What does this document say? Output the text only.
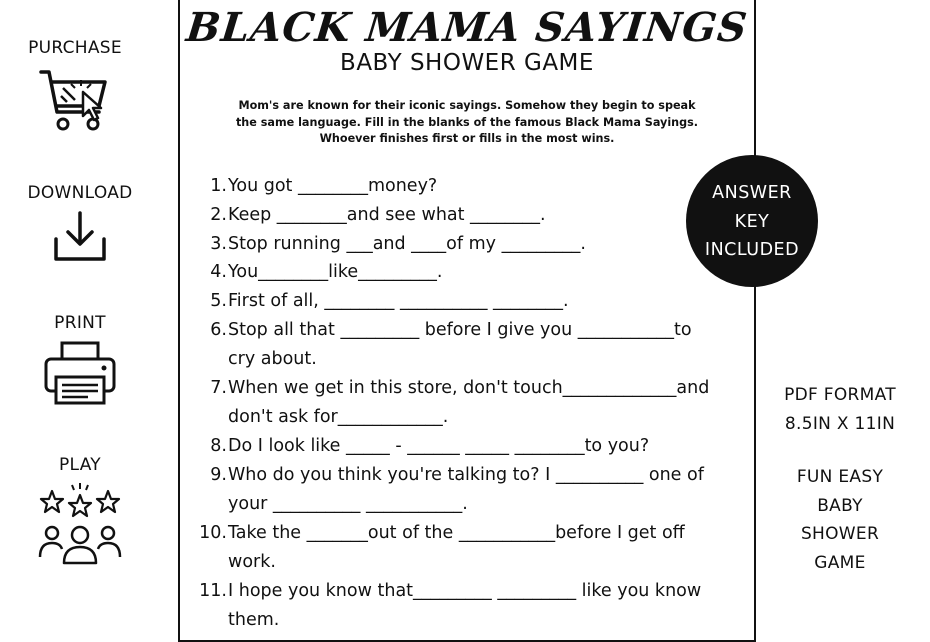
PURCHASE
DOWNLOAD
PRINT
PLAY
BLACK MAMA SAYINGS
BABY SHOWER GAME
Mom's are known for their iconic sayings. Somehow they begin to speak
the same language. Fill in the blanks of the famous Black Mama Sayings.
Whoever finishes first or fills in the most wins.
1. You got ________money?
2. Keep ________and see what ________.
3. Stop running ___and ____of my _________.
4. You________like_________.
5. First of all, ________ __________ ________.
6. Stop all that _________ before I give you ___________to
cry about.
7. When we get in this store, don't touch_____________and
don't ask for____________.
8. Do I look like _____ - ______ _____ ________to you?
9. Who do you think you're talking to? I __________ one of
your __________ ___________.
10. Take the _______out of the ___________before I get off
work.
11. I hope you know that_________ _________ like you know
them.
ANSWER
KEY
INCLUDED
PDF FORMAT
8.5IN X 11IN
FUN EASY
BABY
SHOWER
GAME
